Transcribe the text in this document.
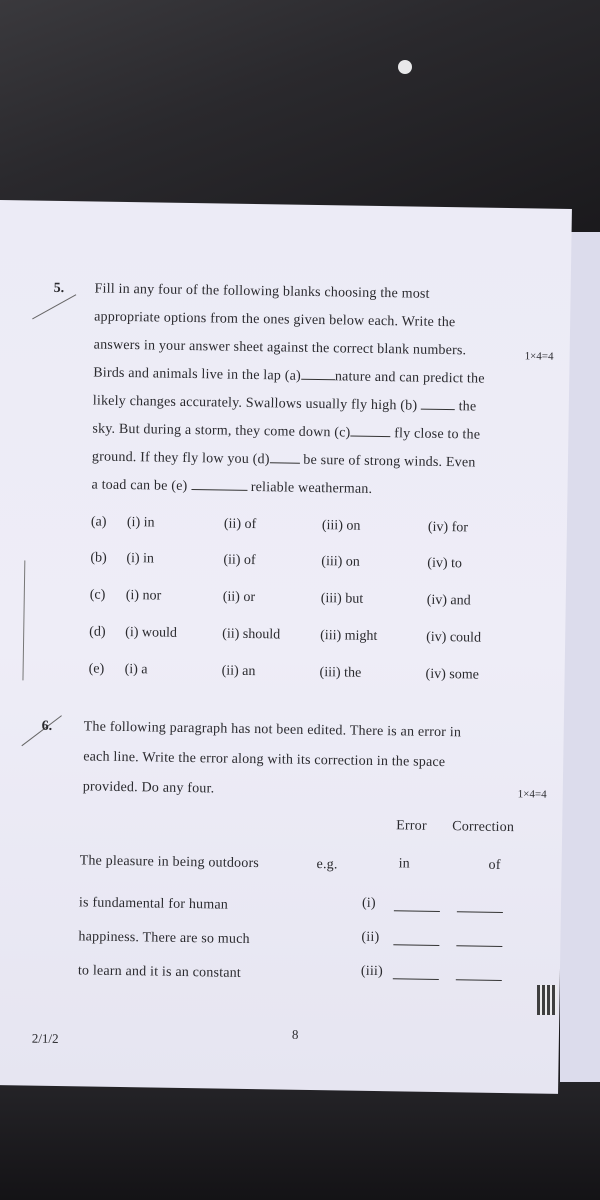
5. Fill in any four of the following blanks choosing the most
appropriate options from the ones given below each. Write the
answers in your answer sheet against the correct blank numbers.	1×4=4
Birds and animals live in the lap (a) nature and can predict the
likely changes accurately. Swallows usually fly high (b)	the
sky. But during a storm, they come down (c)	fly close to the
ground. If they fly low you (d) be sure of strong winds. Even
a toad can be (e)	reliable weatherman.
(a) (i) in	(ii) of	(iii) on	(iv) for
(b) (i) in	(ii) of	(iii) on	(iv) to
(c) (i) nor	(ii) or	(iii) but	(iv) and
(d) (i) would	(ii) should	(iii) might	(iv) could
(e) (i) a	(ii) an	(iii) the	(iv) some
6. The following paragraph has not been edited. There is an error in
each line. Write the error along with its correction in the space
provided. Do any four.	1×4=4
Error Correction
The pleasure in being outdoors	e.g.	in	of
is fundamental for human	(i)
happiness. There are so much	(ii)
to learn and it is an constant	(iii)
2/1/2	8
